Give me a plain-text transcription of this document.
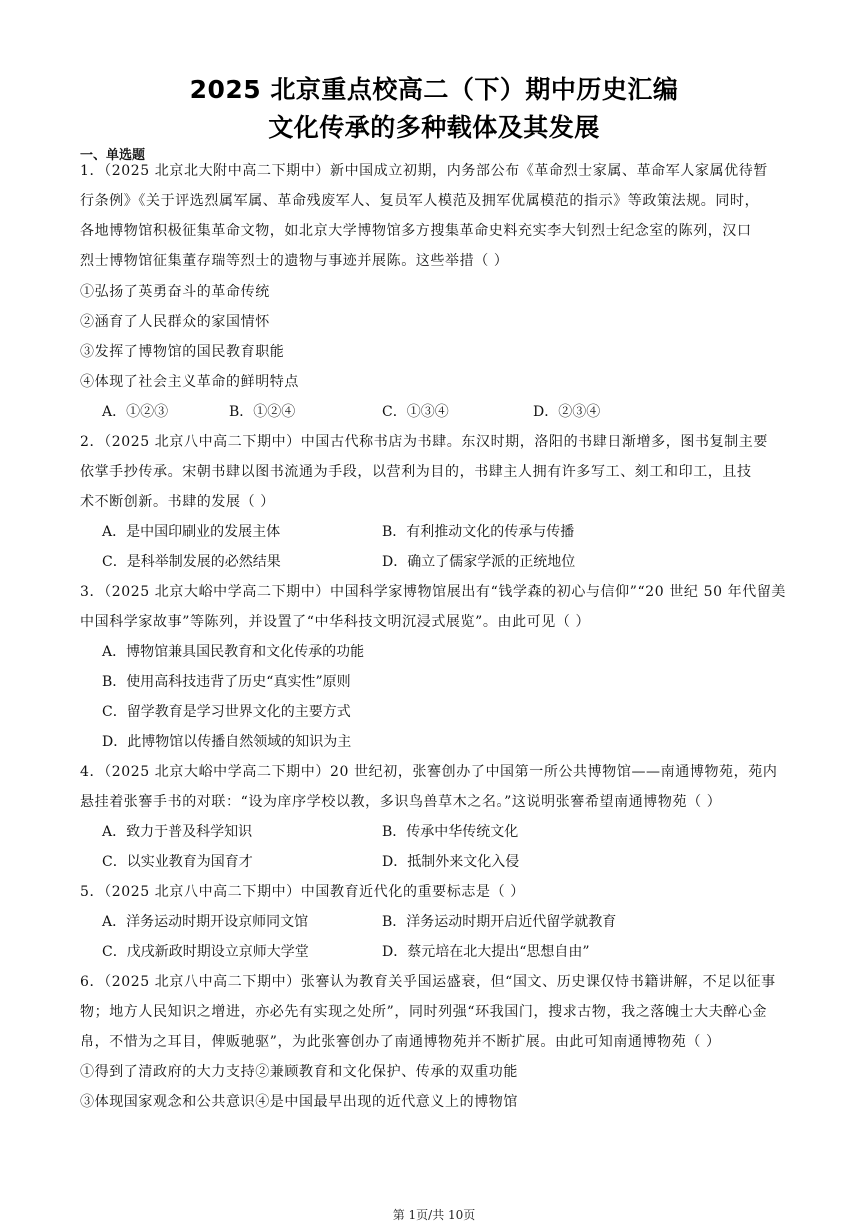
2025 北京重点校高二（下）期中历史汇编
文化传承的多种载体及其发展
一、单选题
1．（2025 北京北大附中高二下期中）新中国成立初期，内务部公布《革命烈士家属、革命军人家属优待暂
行条例》《关于评选烈属军属、革命残废军人、复员军人模范及拥军优属模范的指示》等政策法规。同时，
各地博物馆积极征集革命文物，如北京大学博物馆多方搜集革命史料充实李大钊烈士纪念室的陈列，汉口
烈士博物馆征集董存瑞等烈士的遗物与事迹并展陈。这些举措（ ）
①弘扬了英勇奋斗的革命传统
②涵育了人民群众的家国情怀
③发挥了博物馆的国民教育职能
④体现了社会主义革命的鲜明特点
A．①②③	B．①②④	C．①③④	D．②③④
2．（2025 北京八中高二下期中）中国古代称书店为书肆。东汉时期，洛阳的书肆日渐增多，图书复制主要
依掌手抄传承。宋朝书肆以图书流通为手段，以营利为目的，书肆主人拥有许多写工、刻工和印工，且技
术不断创新。书肆的发展（ ）
A．是中国印刷业的发展主体	B．有利推动文化的传承与传播
C．是科举制发展的必然结果	D．确立了儒家学派的正统地位
3．（2025 北京大峪中学高二下期中）中国科学家博物馆展出有“钱学森的初心与信仰”“20 世纪 50 年代留美
中国科学家故事”等陈列，并设置了“中华科技文明沉浸式展览”。由此可见（ ）
A．博物馆兼具国民教育和文化传承的功能
B．使用高科技违背了历史“真实性”原则
C．留学教育是学习世界文化的主要方式
D．此博物馆以传播自然领域的知识为主
4．（2025 北京大峪中学高二下期中）20 世纪初，张謇创办了中国第一所公共博物馆——南通博物苑，苑内
悬挂着张謇手书的对联：“设为庠序学校以教，多识鸟兽草木之名。”这说明张謇希望南通博物苑（ ）
A．致力于普及科学知识	B．传承中华传统文化
C．以实业教育为国育才	D．抵制外来文化入侵
5．（2025 北京八中高二下期中）中国教育近代化的重要标志是（ ）
A．洋务运动时期开设京师同文馆	B．洋务运动时期开启近代留学就教育
C．戊戌新政时期设立京师大学堂	D．蔡元培在北大提出“思想自由”
6．（2025 北京八中高二下期中）张謇认为教育关乎国运盛衰，但“国文、历史课仅恃书籍讲解，不足以征事
物；地方人民知识之增进，亦必先有实现之处所”，同时列强“环我国门，搜求古物，我之落魄士大夫醉心金
帛，不惜为之耳目，俾贩驰驱”，为此张謇创办了南通博物苑并不断扩展。由此可知南通博物苑（ ）
①得到了清政府的大力支持②兼顾教育和文化保护、传承的双重功能
③体现国家观念和公共意识④是中国最早出现的近代意义上的博物馆
第 1页/共 10页
